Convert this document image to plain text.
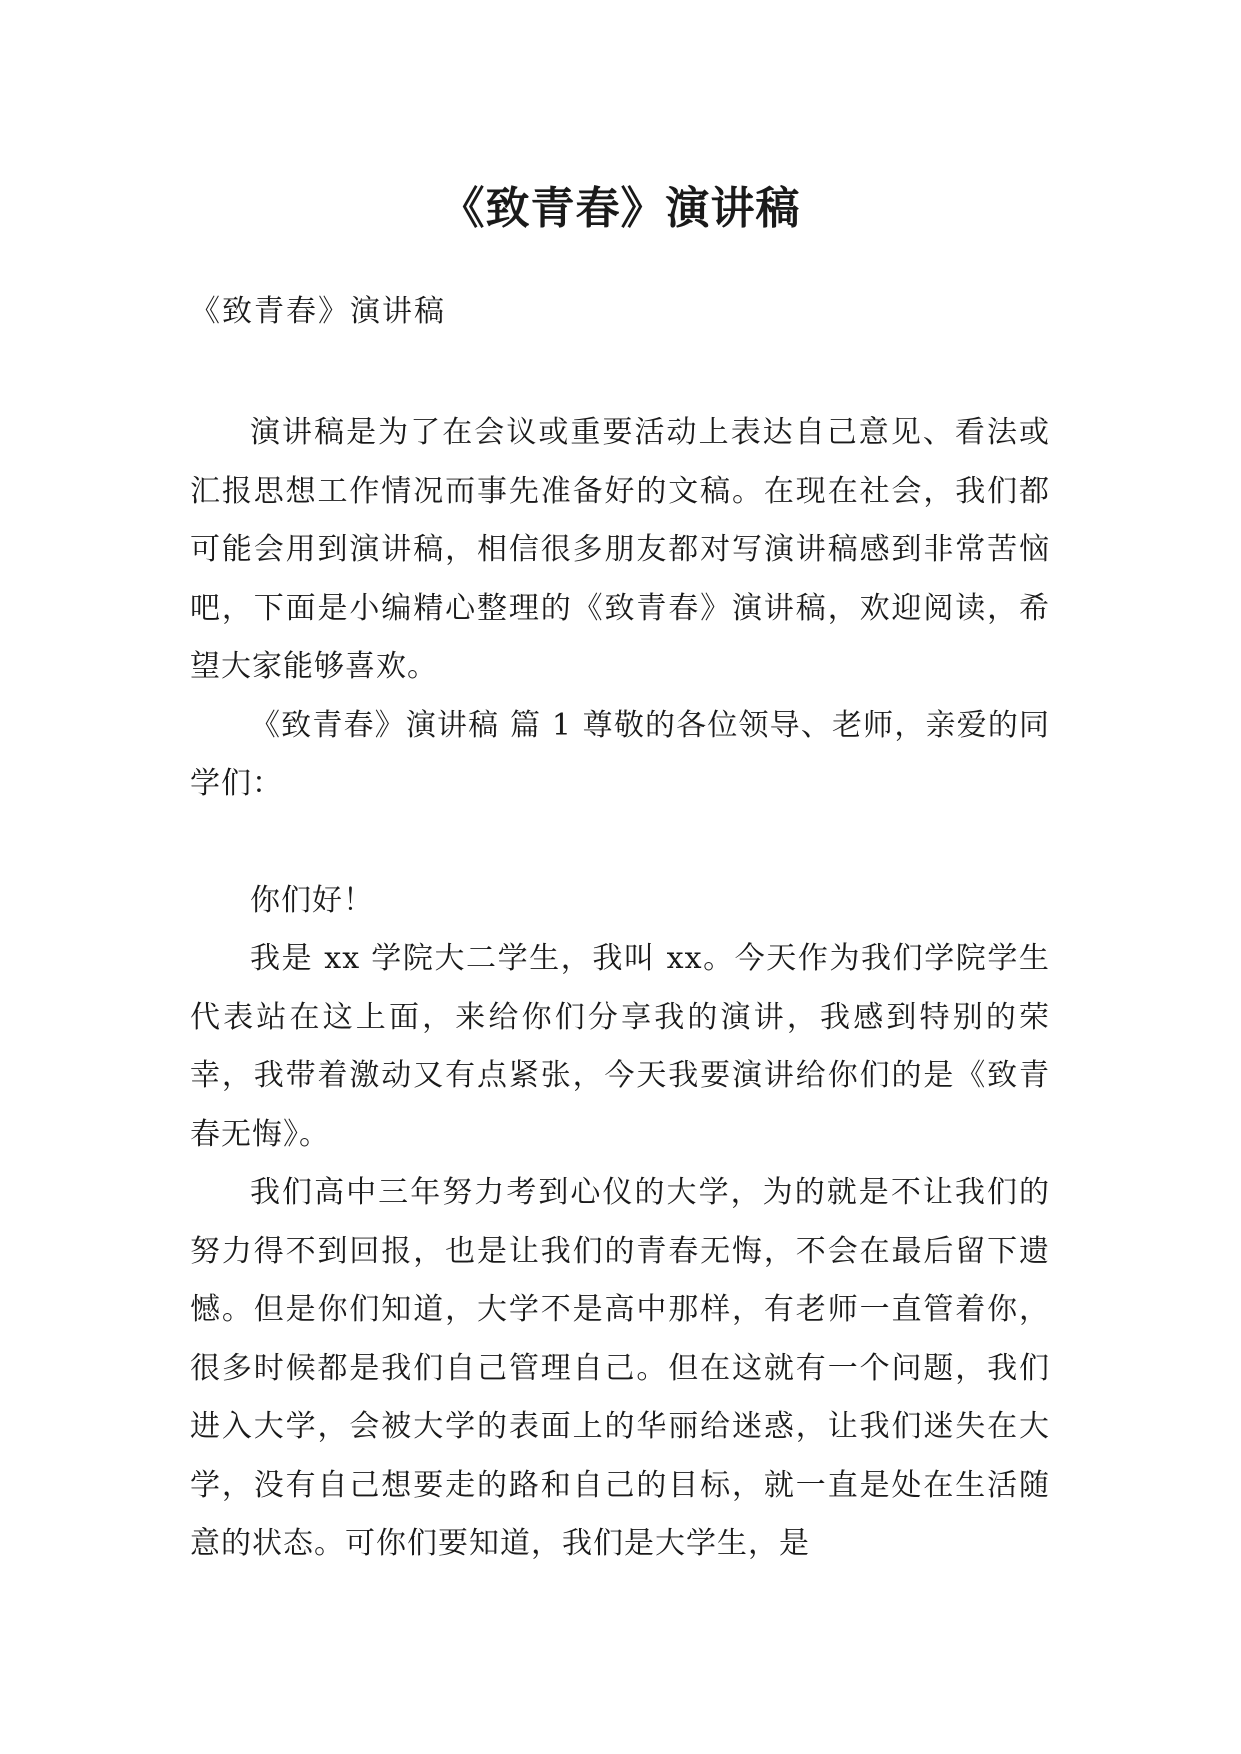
《致青春》演讲稿
《致青春》演讲稿

演讲稿是为了在会议或重要活动上表达自己意见、看法或汇报思想工作情况而事先准备好的文稿。在现在社会，我们都可能会用到演讲稿，相信很多朋友都对写演讲稿感到非常苦恼吧，下面是小编精心整理的《致青春》演讲稿，欢迎阅读，希望大家能够喜欢。

《致青春》演讲稿 篇 1 尊敬的各位领导、老师，亲爱的同学们：

你们好！

我是 xx 学院大二学生，我叫 xx。今天作为我们学院学生代表站在这上面，来给你们分享我的演讲，我感到特别的荣幸，我带着激动又有点紧张，今天我要演讲给你们的是《致青春无悔》。

我们高中三年努力考到心仪的大学，为的就是不让我们的努力得不到回报，也是让我们的青春无悔，不会在最后留下遗憾。但是你们知道，大学不是高中那样，有老师一直管着你，很多时候都是我们自己管理自己。但在这就有一个问题，我们进入大学，会被大学的表面上的华丽给迷惑，让我们迷失在大学，没有自己想要走的路和自己的目标，就一直是处在生活随意的状态。可你们要知道，我们是大学生，是
